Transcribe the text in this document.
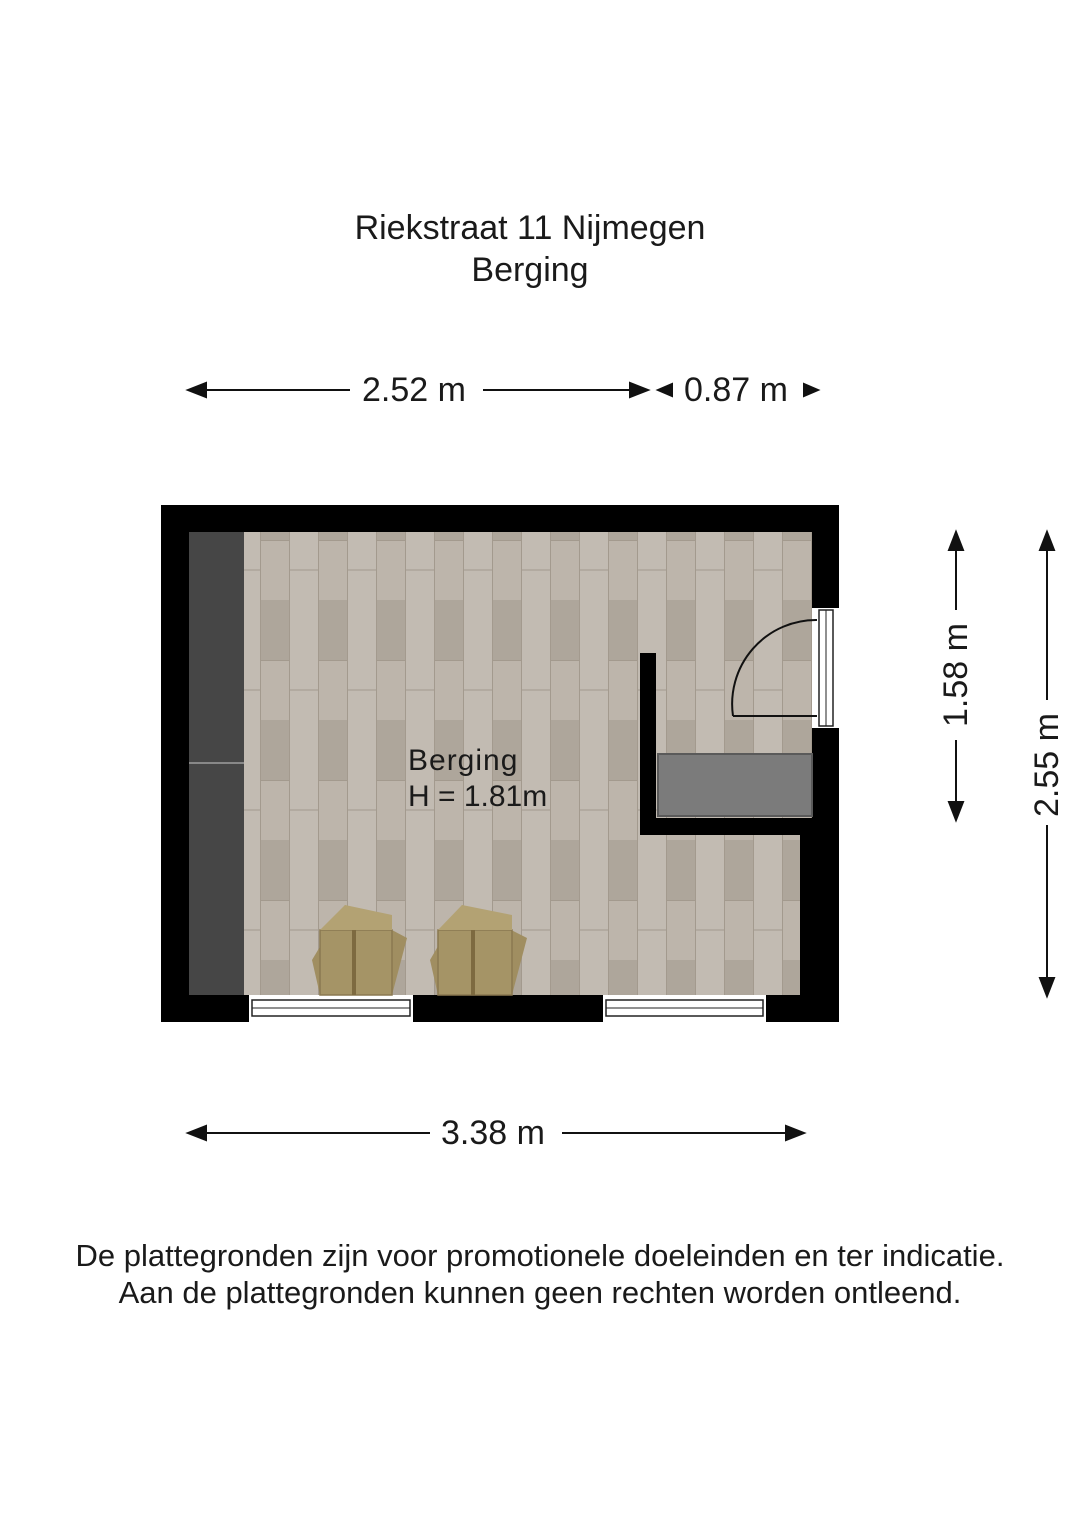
Riekstraat 11 Nijmegen
Berging
2.52 m	0.87 m
3.38 m
1.58 m
2.55 m
Berging
H = 1.81m
De plattegronden zijn voor promotionele doeleinden en ter indicatie.
Aan de plattegronden kunnen geen rechten worden ontleend.
